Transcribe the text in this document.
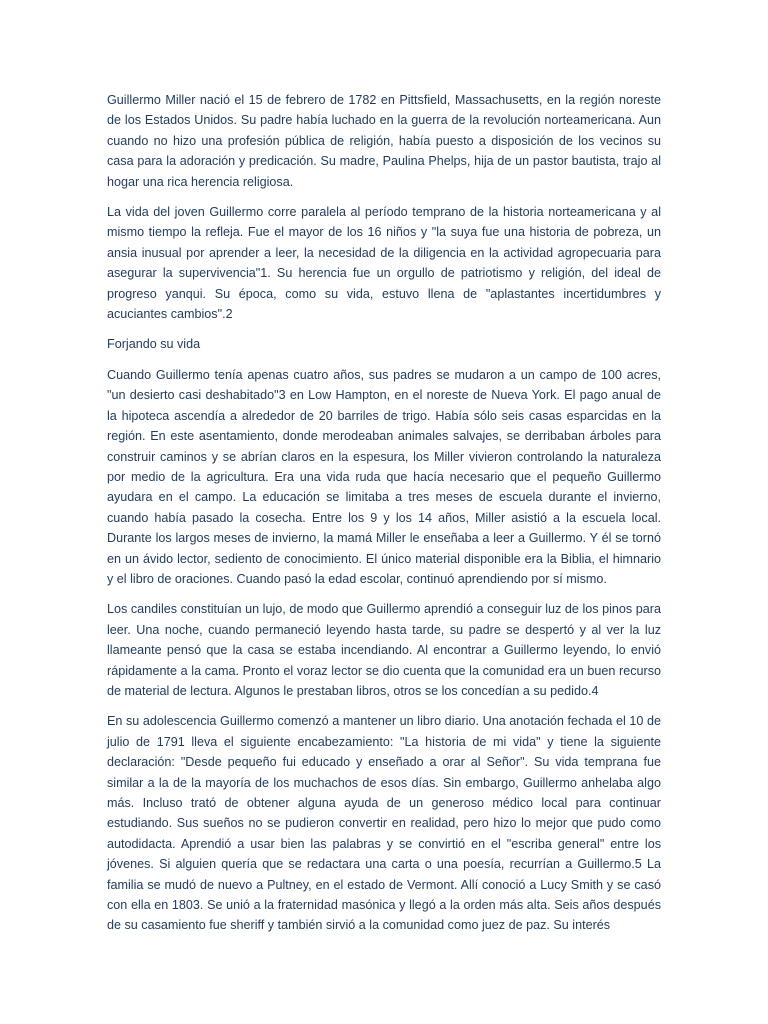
Guillermo Miller nació el 15 de febrero de 1782 en Pittsfield, Massachusetts, en la región noreste de los Estados Unidos. Su padre había luchado en la guerra de la revolución norteamericana. Aun cuando no hizo una profesión pública de religión, había puesto a disposición de los vecinos su casa para la adoración y predicación. Su madre, Paulina Phelps, hija de un pastor bautista, trajo al hogar una rica herencia religiosa.

La vida del joven Guillermo corre paralela al período temprano de la historia norteamericana y al mismo tiempo la refleja. Fue el mayor de los 16 niños y "la suya fue una historia de pobreza, un ansia inusual por aprender a leer, la necesidad de la diligencia en la actividad agropecuaria para asegurar la supervivencia"1. Su herencia fue un orgullo de patriotismo y religión, del ideal de progreso yanqui. Su época, como su vida, estuvo llena de "aplastantes incertidumbres y acuciantes cambios".2

Forjando su vida

Cuando Guillermo tenía apenas cuatro años, sus padres se mudaron a un campo de 100 acres, "un desierto casi deshabitado"3 en Low Hampton, en el noreste de Nueva York. El pago anual de la hipoteca ascendía a alrededor de 20 barriles de trigo. Había sólo seis casas esparcidas en la región. En este asentamiento, donde merodeaban animales salvajes, se derribaban árboles para construir caminos y se abrían claros en la espesura, los Miller vivieron controlando la naturaleza por medio de la agricultura. Era una vida ruda que hacía necesario que el pequeño Guillermo ayudara en el campo. La educación se limitaba a tres meses de escuela durante el invierno, cuando había pasado la cosecha. Entre los 9 y los 14 años, Miller asistió a la escuela local. Durante los largos meses de invierno, la mamá Miller le enseñaba a leer a Guillermo. Y él se tornó en un ávido lector, sediento de conocimiento. El único material disponible era la Biblia, el himnario y el libro de oraciones. Cuando pasó la edad escolar, continuó aprendiendo por sí mismo.

Los candiles constituían un lujo, de modo que Guillermo aprendió a conseguir luz de los pinos para leer. Una noche, cuando permaneció leyendo hasta tarde, su padre se despertó y al ver la luz llameante pensó que la casa se estaba incendiando. Al encontrar a Guillermo leyendo, lo envió rápidamente a la cama. Pronto el voraz lector se dio cuenta que la comunidad era un buen recurso de material de lectura. Algunos le prestaban libros, otros se los concedían a su pedido.4

En su adolescencia Guillermo comenzó a mantener un libro diario. Una anotación fechada el 10 de julio de 1791 lleva el siguiente encabezamiento: "La historia de mi vida" y tiene la siguiente declaración: "Desde pequeño fui educado y enseñado a orar al Señor". Su vida temprana fue similar a la de la mayoría de los muchachos de esos días. Sin embargo, Guillermo anhelaba algo más. Incluso trató de obtener alguna ayuda de un generoso médico local para continuar estudiando. Sus sueños no se pudieron convertir en realidad, pero hizo lo mejor que pudo como autodidacta. Aprendió a usar bien las palabras y se convirtió en el "escriba general" entre los jóvenes. Si alguien quería que se redactara una carta o una poesía, recurrían a Guillermo.5 La familia se mudó de nuevo a Pultney, en el estado de Vermont. Allí conoció a Lucy Smith y se casó con ella en 1803. Se unió a la fraternidad masónica y llegó a la orden más alta. Seis años después de su casamiento fue sheriff y también sirvió a la comunidad como juez de paz. Su interés
